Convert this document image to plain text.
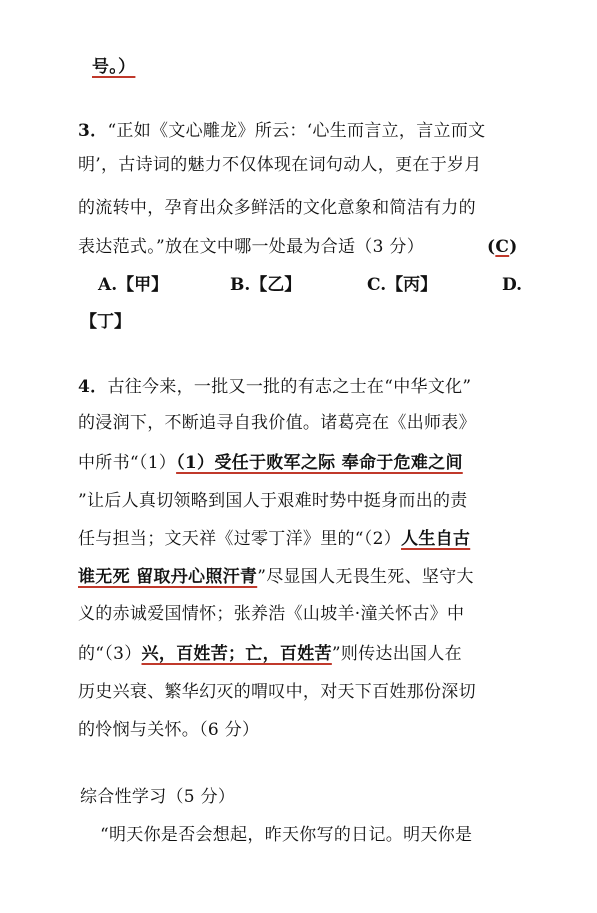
号。）
3．“正如《文心雕龙》所云：‘心生而言立，言立而文
明’，古诗词的魅力不仅体现在词句动人，更在于岁月
的流转中，孕育出众多鲜活的文化意象和简洁有力的
表达范式。”放在文中哪一处最为合适（3 分）	(C)
A.【甲】	B.【乙】	C.【丙】	D.
【丁】
4．古往今来，一批又一批的有志之士在“中华文化”
的浸润下，不断追寻自我价值。诸葛亮在《出师表》
中所书“（1）（1）受任于败军之际 奉命于危难之间
”让后人真切领略到国人于艰难时势中挺身而出的责
任与担当；文天祥《过零丁洋》里的“（2）人生自古
谁无死 留取丹心照汗青”尽显国人无畏生死、坚守大
义的赤诚爱国情怀；张养浩《山坡羊·潼关怀古》中
的“（3）兴，百姓苦；亡，百姓苦”则传达出国人在
历史兴衰、繁华幻灭的喟叹中，对天下百姓那份深切
的怜悯与关怀。（6 分）
综合性学习（5 分）
“明天你是否会想起，昨天你写的日记。明天你是
